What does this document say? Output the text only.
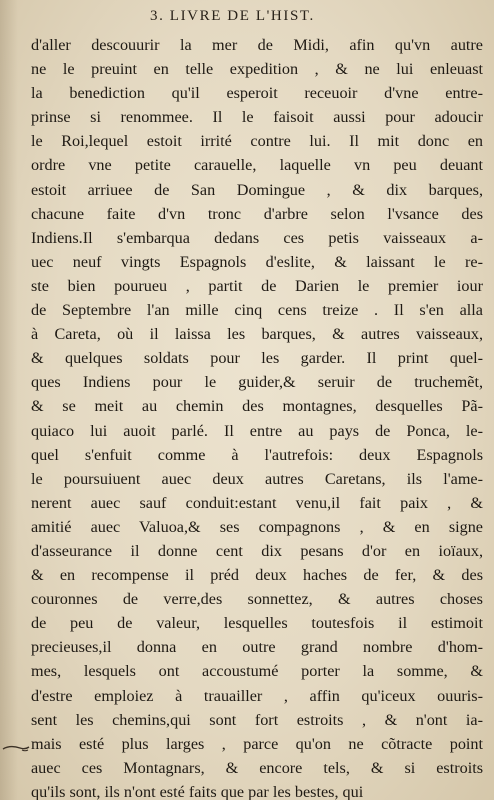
3. LIVRE DE L'HIST.
d'aller descouurir la mer de Midi, afin qu'vn autre
ne le preuint en telle expedition , & ne lui enleuast
la benediction qu'il esperoit receuoir d'vne entre-
prinse si renommee. Il le faisoit aussi pour adoucir
le Roi,lequel estoit irrité contre lui. Il mit donc en
ordre vne petite carauelle, laquelle vn peu deuant
estoit arriuee de San Domingue , & dix barques,
chacune faite d'vn tronc d'arbre selon l'vsance des
Indiens.Il s'embarqua dedans ces petis vaisseaux a-
uec neuf vingts Espagnols d'eslite, & laissant le re-
ste bien pourueu , partit de Darien le premier iour
de Septembre l'an mille cinq cens treize . Il s'en alla
à Careta, où il laissa les barques, & autres vaisseaux,
& quelques soldats pour les garder. Il print quel-
ques Indiens pour le guider,& seruir de truchemẽt,
& se meit au chemin des montagnes, desquelles Pã-
quiaco lui auoit parlé. Il entre au pays de Ponca, le-
quel s'enfuit comme à l'autrefois: deux Espagnols
le poursuiuent auec deux autres Caretans, ils l'ame-
nerent auec sauf conduit:estant venu,il fait paix , &
amitié auec Valuoa,& ses compagnons , & en signe
d'asseurance il donne cent dix pesans d'or en ioïaux,
& en recompense il préd deux haches de fer, & des
couronnes de verre,des sonnettez, & autres choses
de peu de valeur, lesquelles toutesfois il estimoit
precieuses,il donna en outre grand nombre d'hom-
mes, lesquels ont accoustumé porter la somme, &
d'estre emploiez à trauailler , affin qu'iceux ouuris-
sent les chemins,qui sont fort estroits , & n'ont ia-
mais esté plus larges , parce qu'on ne cõtracte point
auec ces Montagnars, & encore tels, & si estroits
qu'ils sont, ils n'ont esté faits que par les bestes, qui
